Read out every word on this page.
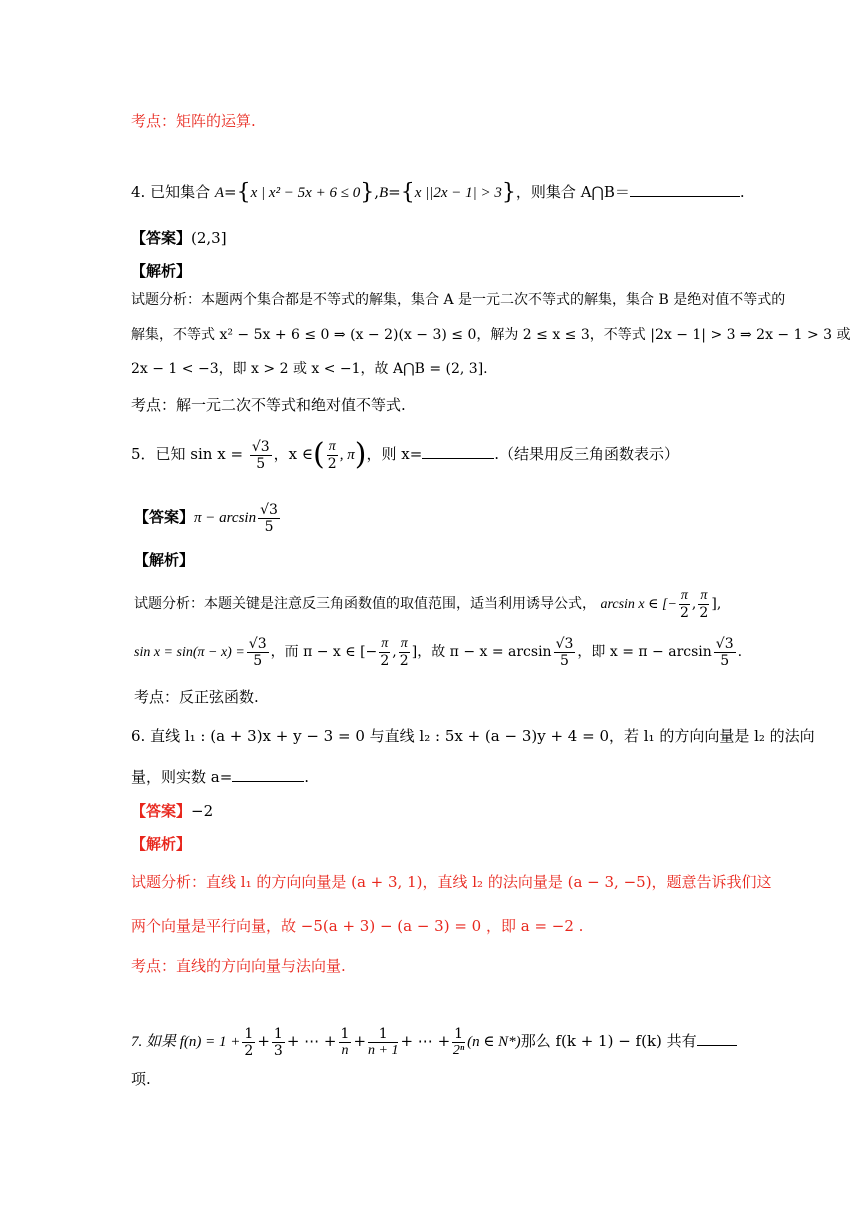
考点：矩阵的运算.
4. 已知集合 A={x | x² − 5x + 6 ≤ 0},B={x ||2x − 1| > 3}，则集合 A⋂B＝	.
【答案】(2,3]
【解析】
试题分析：本题两个集合都是不等式的解集，集合 A 是一元二次不等式的解集，集合 B 是绝对值不等式的
解集，不等式 x² − 5x + 6 ≤ 0 ⇒ (x − 2)(x − 3) ≤ 0，解为 2 ≤ x ≤ 3，不等式 |2x − 1| > 3 ⇒ 2x − 1 > 3 或
2x − 1 < −3，即 x > 2 或 x < −1，故 A⋂B = (2, 3].
考点：解一元二次不等式和绝对值不等式.
5．已知 $\sin x = \frac{√3}{5}$ ，x ∈( $\frac{\pi}{2}$ , π)，则 x=	.（结果用反三角函数表示）
【答案】$\pi - \arcsin \frac{√3}{5}$
【解析】
试题分析：本题关键是注意反三角函数值的取值范围，适当利用诱导公式， arcsin x ∈ [− $\frac{\pi}{2}$ , $\frac{\pi}{2}$ ],
$\sin x = \sin(\pi - x) = \frac{√3}{5}$ ，而 π − x ∈ [− $\frac{\pi}{2}$ , $\frac{\pi}{2}$ ]，故 $\pi - x = \arcsin \frac{√3}{5}$ ，即 $x = \pi - \arcsin \frac{√3}{5}$ .
考点：反正弦函数.
6. 直线 l₁ : (a + 3)x + y − 3 = 0 与直线 l₂ : 5x + (a − 3)y + 4 = 0，若 l₁ 的方向向量是 l₂ 的法向
量，则实数 a=	.
【答案】−2
【解析】
试题分析：直线 l₁ 的方向向量是 (a + 3, 1)，直线 l₂ 的法向量是 (a − 3, −5)，题意告诉我们这
两个向量是平行向量，故 −5(a + 3) − (a − 3) = 0 ，即 a = −2 .
考点：直线的方向向量与法向量.
7. 如果 $f(n) = 1 + \frac{1}{2} + \frac{1}{3}$ + ⋯ + $\frac{1}{n} + \frac{1}{n + 1}$ + ⋯ + $\frac{1}{\text{2ⁿ}} (n$ ∈ N*)那么 f(k + 1) − f(k) 共有
项.
